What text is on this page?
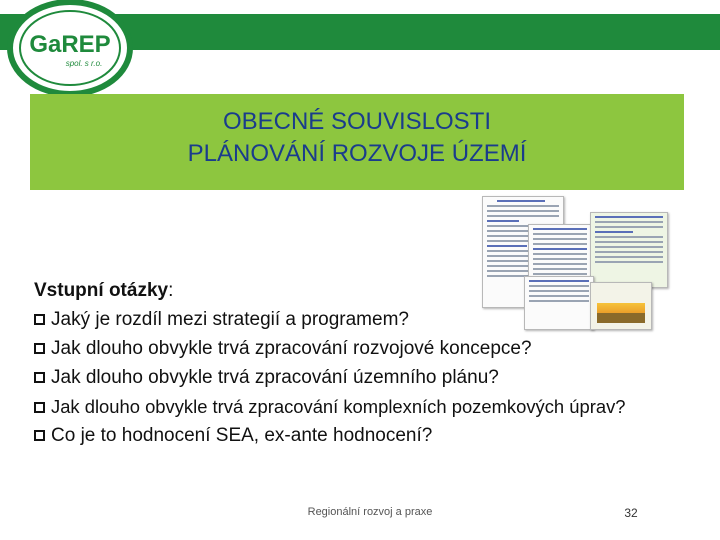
GaREP
spol. s r.o.
OBECNÉ SOUVISLOSTI
PLÁNOVÁNÍ ROZVOJE ÚZEMÍ

Vstupní otázky:

Jaký je rozdíl mezi strategií a programem?

Jak dlouho obvykle trvá zpracování rozvojové koncepce?

Jak dlouho obvykle trvá zpracování územního plánu?

Jak dlouho obvykle trvá zpracování komplexních pozemkových úprav?

Co je to hodnocení SEA, ex-ante hodnocení?

Regionální rozvoj a praxe	32
